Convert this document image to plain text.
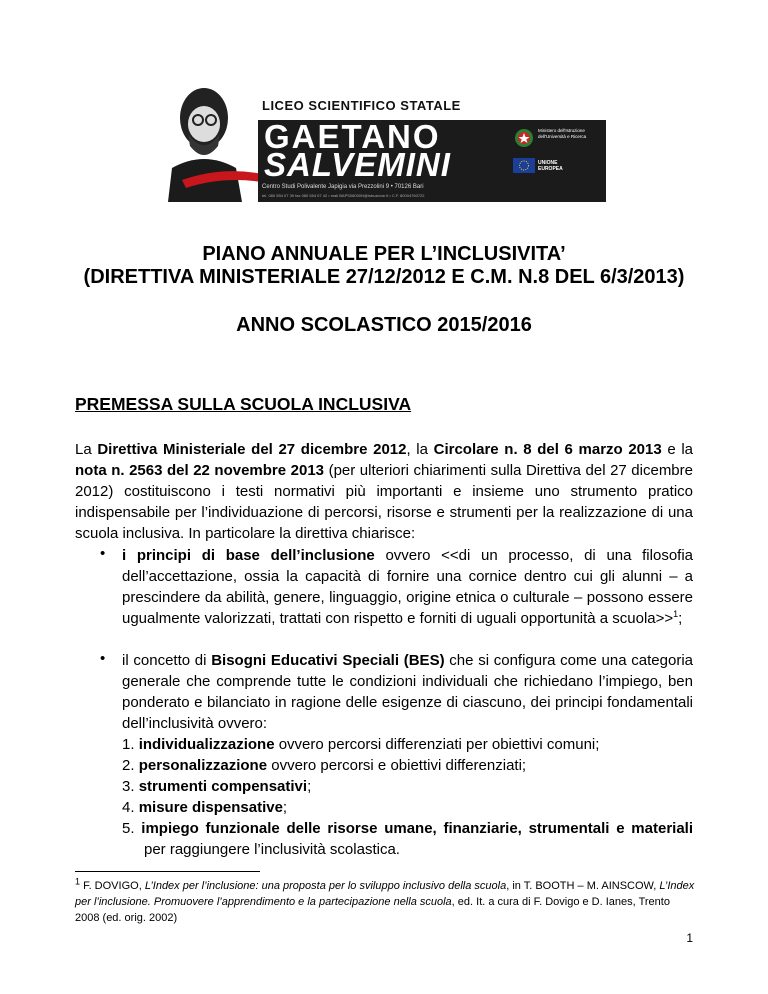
LICEO SCIENTIFICO STATALE
GAETANO
SALVEMINI
Centro Studi Polivalente Japigia via Prezzolini 9 • 70126 Bari
tel. 080 554 07 39 fax 080 554 07 42 • mail BAPS08000N@istruzione.it • C.F. 80004760722
Ministero dell'Istruzione dell'Università e Ricerca
UNIONE EUROPEA
PIANO ANNUALE PER L’INCLUSIVITA’
(DIRETTIVA MINISTERIALE 27/12/2012 E C.M. N.8 DEL 6/3/2013)
ANNO SCOLASTICO 2015/2016
PREMESSA SULLA SCUOLA INCLUSIVA
La Direttiva Ministeriale del 27 dicembre 2012, la Circolare n. 8 del 6 marzo 2013 e la nota n. 2563 del 22 novembre 2013 (per ulteriori chiarimenti sulla Direttiva del 27 dicembre 2012) costituiscono i testi normativi più importanti e insieme uno strumento pratico indispensabile per l’individuazione di percorsi, risorse e strumenti per la realizzazione di una scuola inclusiva. In particolare la direttiva chiarisce:
• i principi di base dell’inclusione ovvero <<di un processo, di una filosofia dell’accettazione, ossia la capacità di fornire una cornice dentro cui gli alunni – a prescindere da abilità, genere, linguaggio, origine etnica o culturale – possono essere ugualmente valorizzati, trattati con rispetto e forniti di uguali opportunità a scuola>>$^1$;
• il concetto di Bisogni Educativi Speciali (BES) che si configura come una categoria generale che comprende tutte le condizioni individuali che richiedano l’impiego, ben ponderato e bilanciato in ragione delle esigenze di ciascuno, dei principi fondamentali dell’inclusività ovvero:
1. individualizzazione ovvero percorsi differenziati per obiettivi comuni;
2. personalizzazione ovvero percorsi e obiettivi differenziati;
3. strumenti compensativi;
4. misure dispensative;
5. impiego funzionale delle risorse umane, finanziarie, strumentali e materiali per raggiungere l’inclusività scolastica.
$^1$ F. DOVIGO, L’Index per l’inclusione: una proposta per lo sviluppo inclusivo della scuola, in T. BOOTH – M. AINSCOW, L’Index per l’inclusione. Promuovere l’apprendimento e la partecipazione nella scuola, ed. It. a cura di F. Dovigo e D. Ianes, Trento 2008 (ed. orig. 2002)
1
